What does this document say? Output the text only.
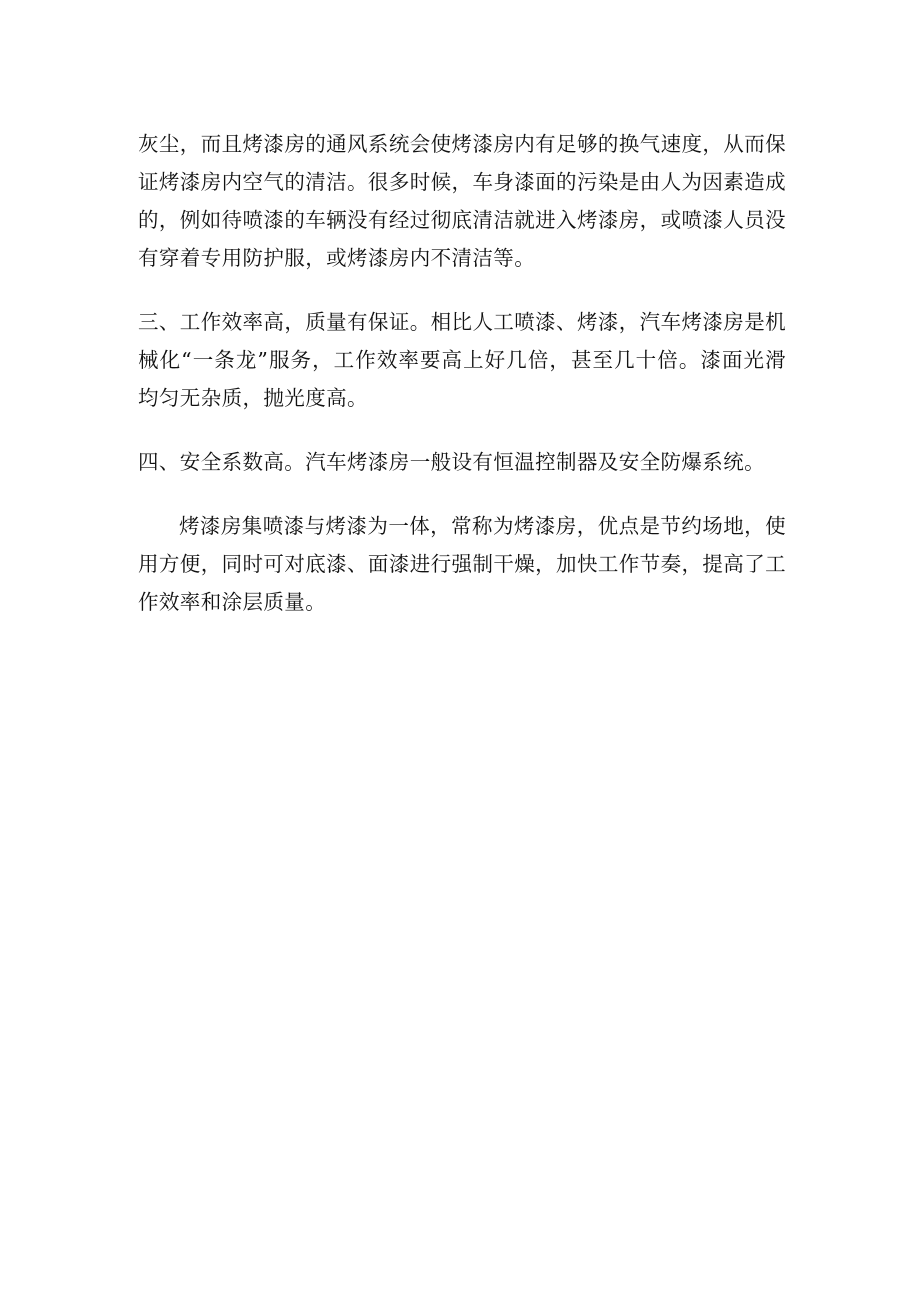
灰尘，而且烤漆房的通风系统会使烤漆房内有足够的换气速度，从而保证烤漆房内空气的清洁。很多时候，车身漆面的污染是由人为因素造成的，例如待喷漆的车辆没有经过彻底清洁就进入烤漆房，或喷漆人员没有穿着专用防护服，或烤漆房内不清洁等。

三、工作效率高，质量有保证。相比人工喷漆、烤漆，汽车烤漆房是机械化“一条龙”服务，工作效率要高上好几倍，甚至几十倍。漆面光滑均匀无杂质，抛光度高。

四、安全系数高。汽车烤漆房一般设有恒温控制器及安全防爆系统。

烤漆房集喷漆与烤漆为一体，常称为烤漆房，优点是节约场地，使用方便，同时可对底漆、面漆进行强制干燥，加快工作节奏，提高了工作效率和涂层质量。
